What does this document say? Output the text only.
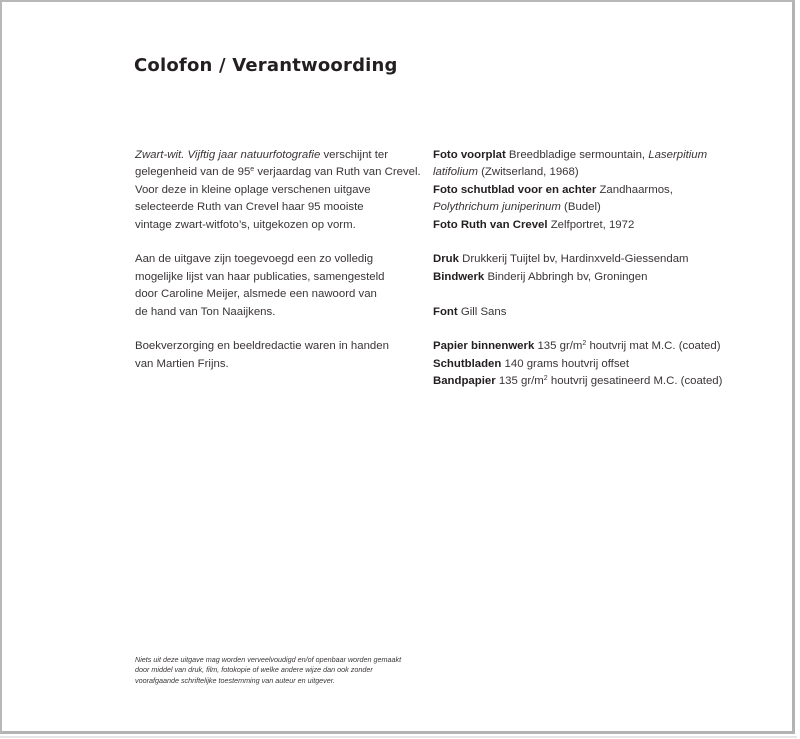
Colofon / Verantwoording

Zwart-wit. Vijftig jaar natuurfotografie verschijnt ter
gelegenheid van de 95e verjaardag van Ruth van Crevel.
Voor deze in kleine oplage verschenen uitgave
selecteerde Ruth van Crevel haar 95 mooiste
vintage zwart-witfoto’s, uitgekozen op vorm.

Aan de uitgave zijn toegevoegd een zo volledig
mogelijke lijst van haar publicaties, samengesteld
door Caroline Meijer, alsmede een nawoord van
de hand van Ton Naaijkens.

Boekverzorging en beeldredactie waren in handen
van Martien Frijns.

Foto voorplat Breedbladige sermountain, Laserpitium
latifolium (Zwitserland, 1968)
Foto schutblad voor en achter Zandhaarmos,
Polythrichum juniperinum (Budel)
Foto Ruth van Crevel Zelfportret, 1972

Druk Drukkerij Tuijtel bv, Hardinxveld-Giessendam
Bindwerk Binderij Abbringh bv, Groningen

Font Gill Sans

Papier binnenwerk 135 $gr/m^2$ houtvrij mat M.C. (coated)
Schutbladen 140 grams houtvrij offset
Bandpapier 135 $gr/m^2$ houtvrij gesatineerd M.C. (coated)

Niets uit deze uitgave mag worden verveelvoudigd en/of openbaar worden gemaakt
door middel van druk, film, fotokopie of welke andere wijze dan ook zonder
voorafgaande schriftelijke toestemming van auteur en uitgever.
